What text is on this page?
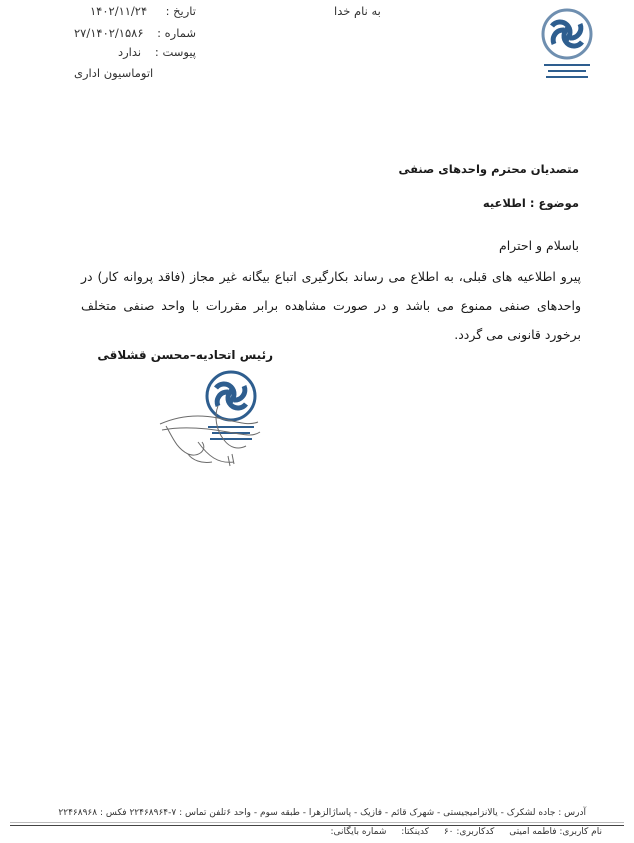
به نام خدا
تاریخ :
۱۴۰۲/۱۱/۲۴
شماره :
۲۷/۱۴۰۲/۱۵۸۶
پیوست :
ندارد
اتوماسیون اداری
متصدیان محترم واحدهای صنفی
موضوع : اطلاعیه
باسلام و احترام
پیرو اطلاعیه های قبلی، به اطلاع می رساند بکارگیری اتباع بیگانه غیر مجاز (فاقد پروانه کار) در واحدهای صنفی ممنوع می باشد و در صورت مشاهده برابر مقررات با واحد صنفی متخلف برخورد قانونی می گردد.
رئیس اتحادیه–محسن قشلاقی
آدرس : جاده لشکرک - یالانزامیجیستی - شهرک قائم - فازیک - پاساژالزهرا - طبقه سوم - واحد ۶تلفن تماس : ۷-۲۲۴۶۸۹۶۴ فکس : ۲۲۴۶۸۹۶۸
نام کاربری: فاطمه امیتی کدکاربری: ۶۰ کدینکتا: شماره بایگانی:
